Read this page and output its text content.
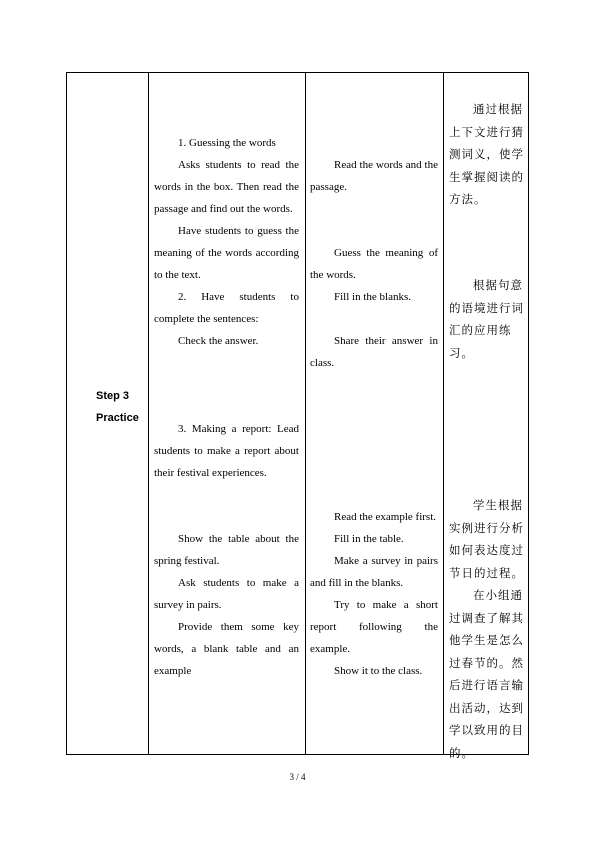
Step 3
Practice

1. Guessing the words

Asks students to read the words in the box. Then read the passage and find out the words.

Have students to guess the meaning of the words according to the text.

2. Have students to complete the sentences:

Check the answer.

3. Making a report: Lead students to make a report about their festival experiences.

Show the table about the spring festival.

Ask students to make a survey in pairs.

Provide them some key words, a blank table and an example

Read the words and the passage.

Guess the meaning of the words.

Fill in the blanks.

Share their answer in class.

Read the example first.

Fill in the table.

Make a survey in pairs and fill in the blanks.

Try to make a short report following the example.

Show it to the class.

通过根据上下文进行猜测词义，使学生掌握阅读的方法。

根据句意的语境进行词汇的应用练习。

学生根据实例进行分析如何表达度过节日的过程。

在小组通过调查了解其他学生是怎么过春节的。然后进行语言输出活动，达到学以致用的目的。

3 / 4
